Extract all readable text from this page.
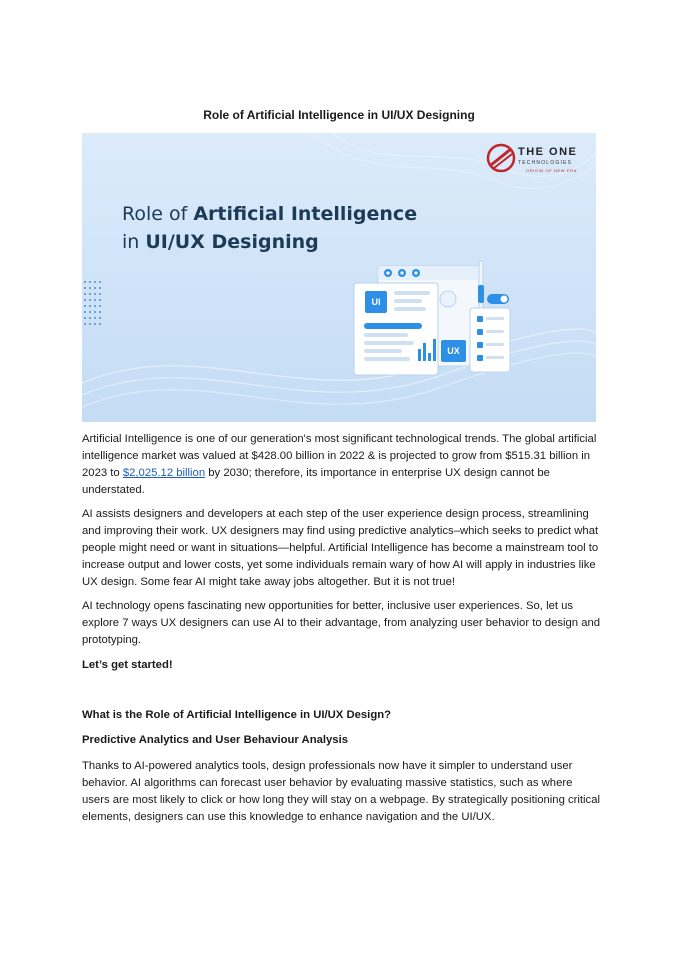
Role of Artificial Intelligence in UI/UX Designing
Role of Artificial Intelligence
in UI/UX Designing
UI
UX
THE ONE
TECHNOLOGIES
ORIGIN OF NEW ERA

Artificial Intelligence is one of our generation's most significant technological trends. The global artificial intelligence market was valued at $428.00 billion in 2022 & is projected to grow from $515.31 billion in 2023 to $2,025.12 billion by 2030; therefore, its importance in enterprise UX design cannot be understated.

AI assists designers and developers at each step of the user experience design process, streamlining and improving their work. UX designers may find using predictive analytics–which seeks to predict what people might need or want in situations—helpful. Artificial Intelligence has become a mainstream tool to increase output and lower costs, yet some individuals remain wary of how AI will apply in industries like UX design. Some fear AI might take away jobs altogether. But it is not true!

AI technology opens fascinating new opportunities for better, inclusive user experiences. So, let us explore 7 ways UX designers can use AI to their advantage, from analyzing user behavior to design and prototyping.

Let’s get started!

What is the Role of Artificial Intelligence in UI/UX Design?

Predictive Analytics and User Behaviour Analysis

Thanks to AI-powered analytics tools, design professionals now have it simpler to understand user behavior. AI algorithms can forecast user behavior by evaluating massive statistics, such as where users are most likely to click or how long they will stay on a webpage. By strategically positioning critical elements, designers can use this knowledge to enhance navigation and the UI/UX.
